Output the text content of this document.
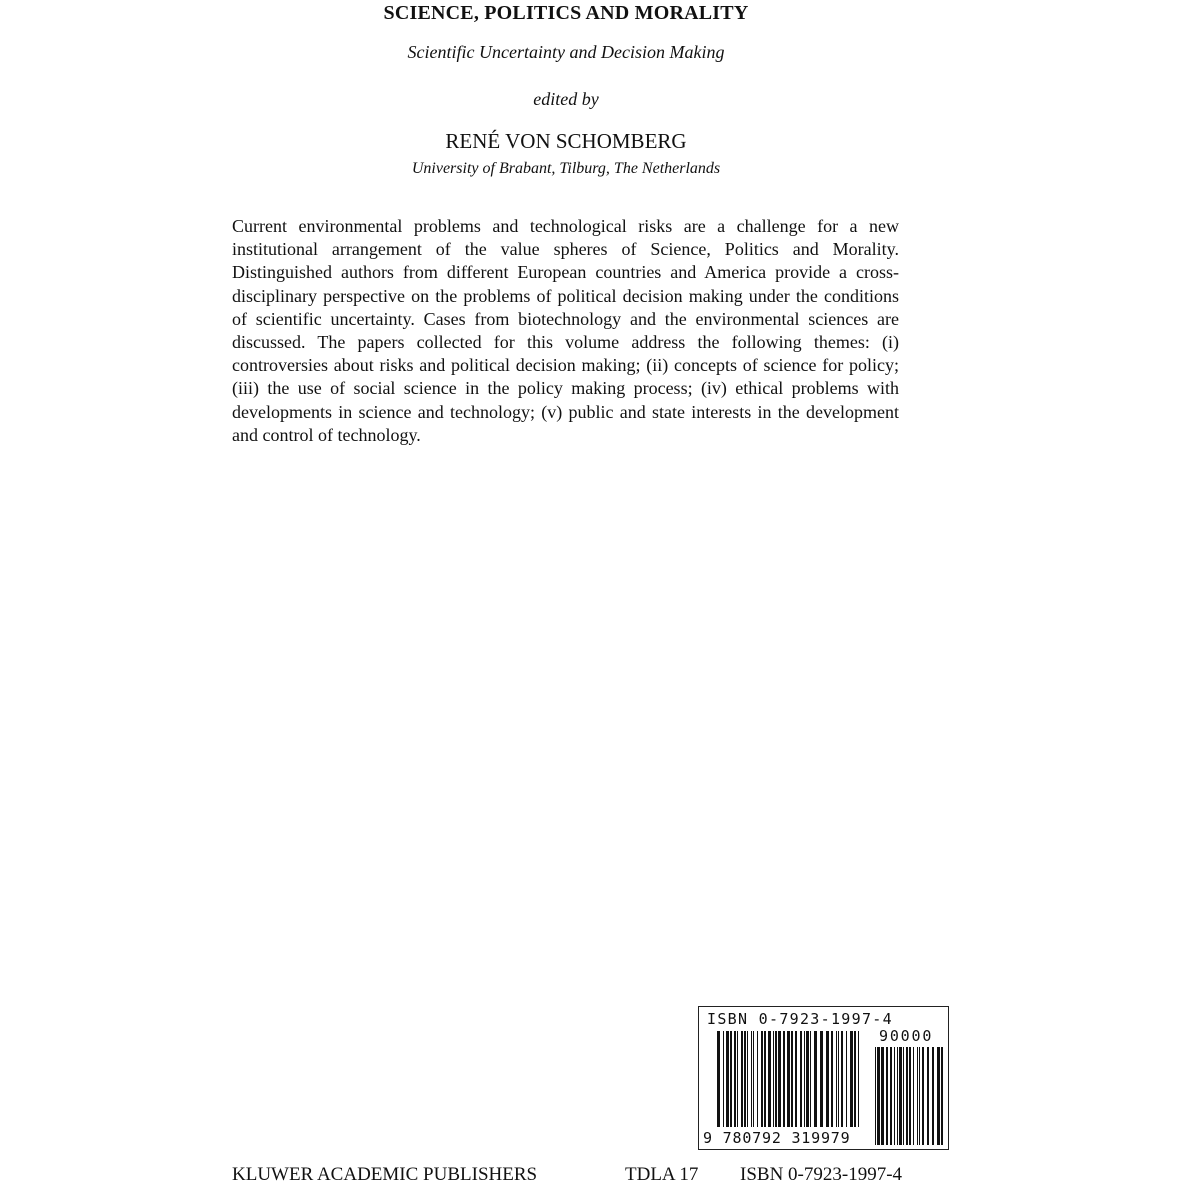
SCIENCE, POLITICS AND MORALITY
Scientific Uncertainty and Decision Making
edited by
RENÉ VON SCHOMBERG
University of Brabant, Tilburg, The Netherlands
Current environmental problems and technological risks are a challenge for a new institutional arrangement of the value spheres of Science, Politics and Morality. Distinguished authors from different European countries and America provide a cross-disciplinary perspective on the problems of political decision making under the conditions of scientific uncertainty. Cases from biotechnology and the environmental sciences are discussed. The papers collected for this volume address the following themes: (i) controversies about risks and political decision making; (ii) concepts of science for policy; (iii) the use of social science in the policy making process; (iv) ethical problems with developments in science and technology; (v) public and state interests in the development and control of technology.
ISBN 0-7923-1997-4
90000
9 780792 319979
KLUWER ACADEMIC PUBLISHERS	TDLA 17 ISBN 0-7923-1997-4
